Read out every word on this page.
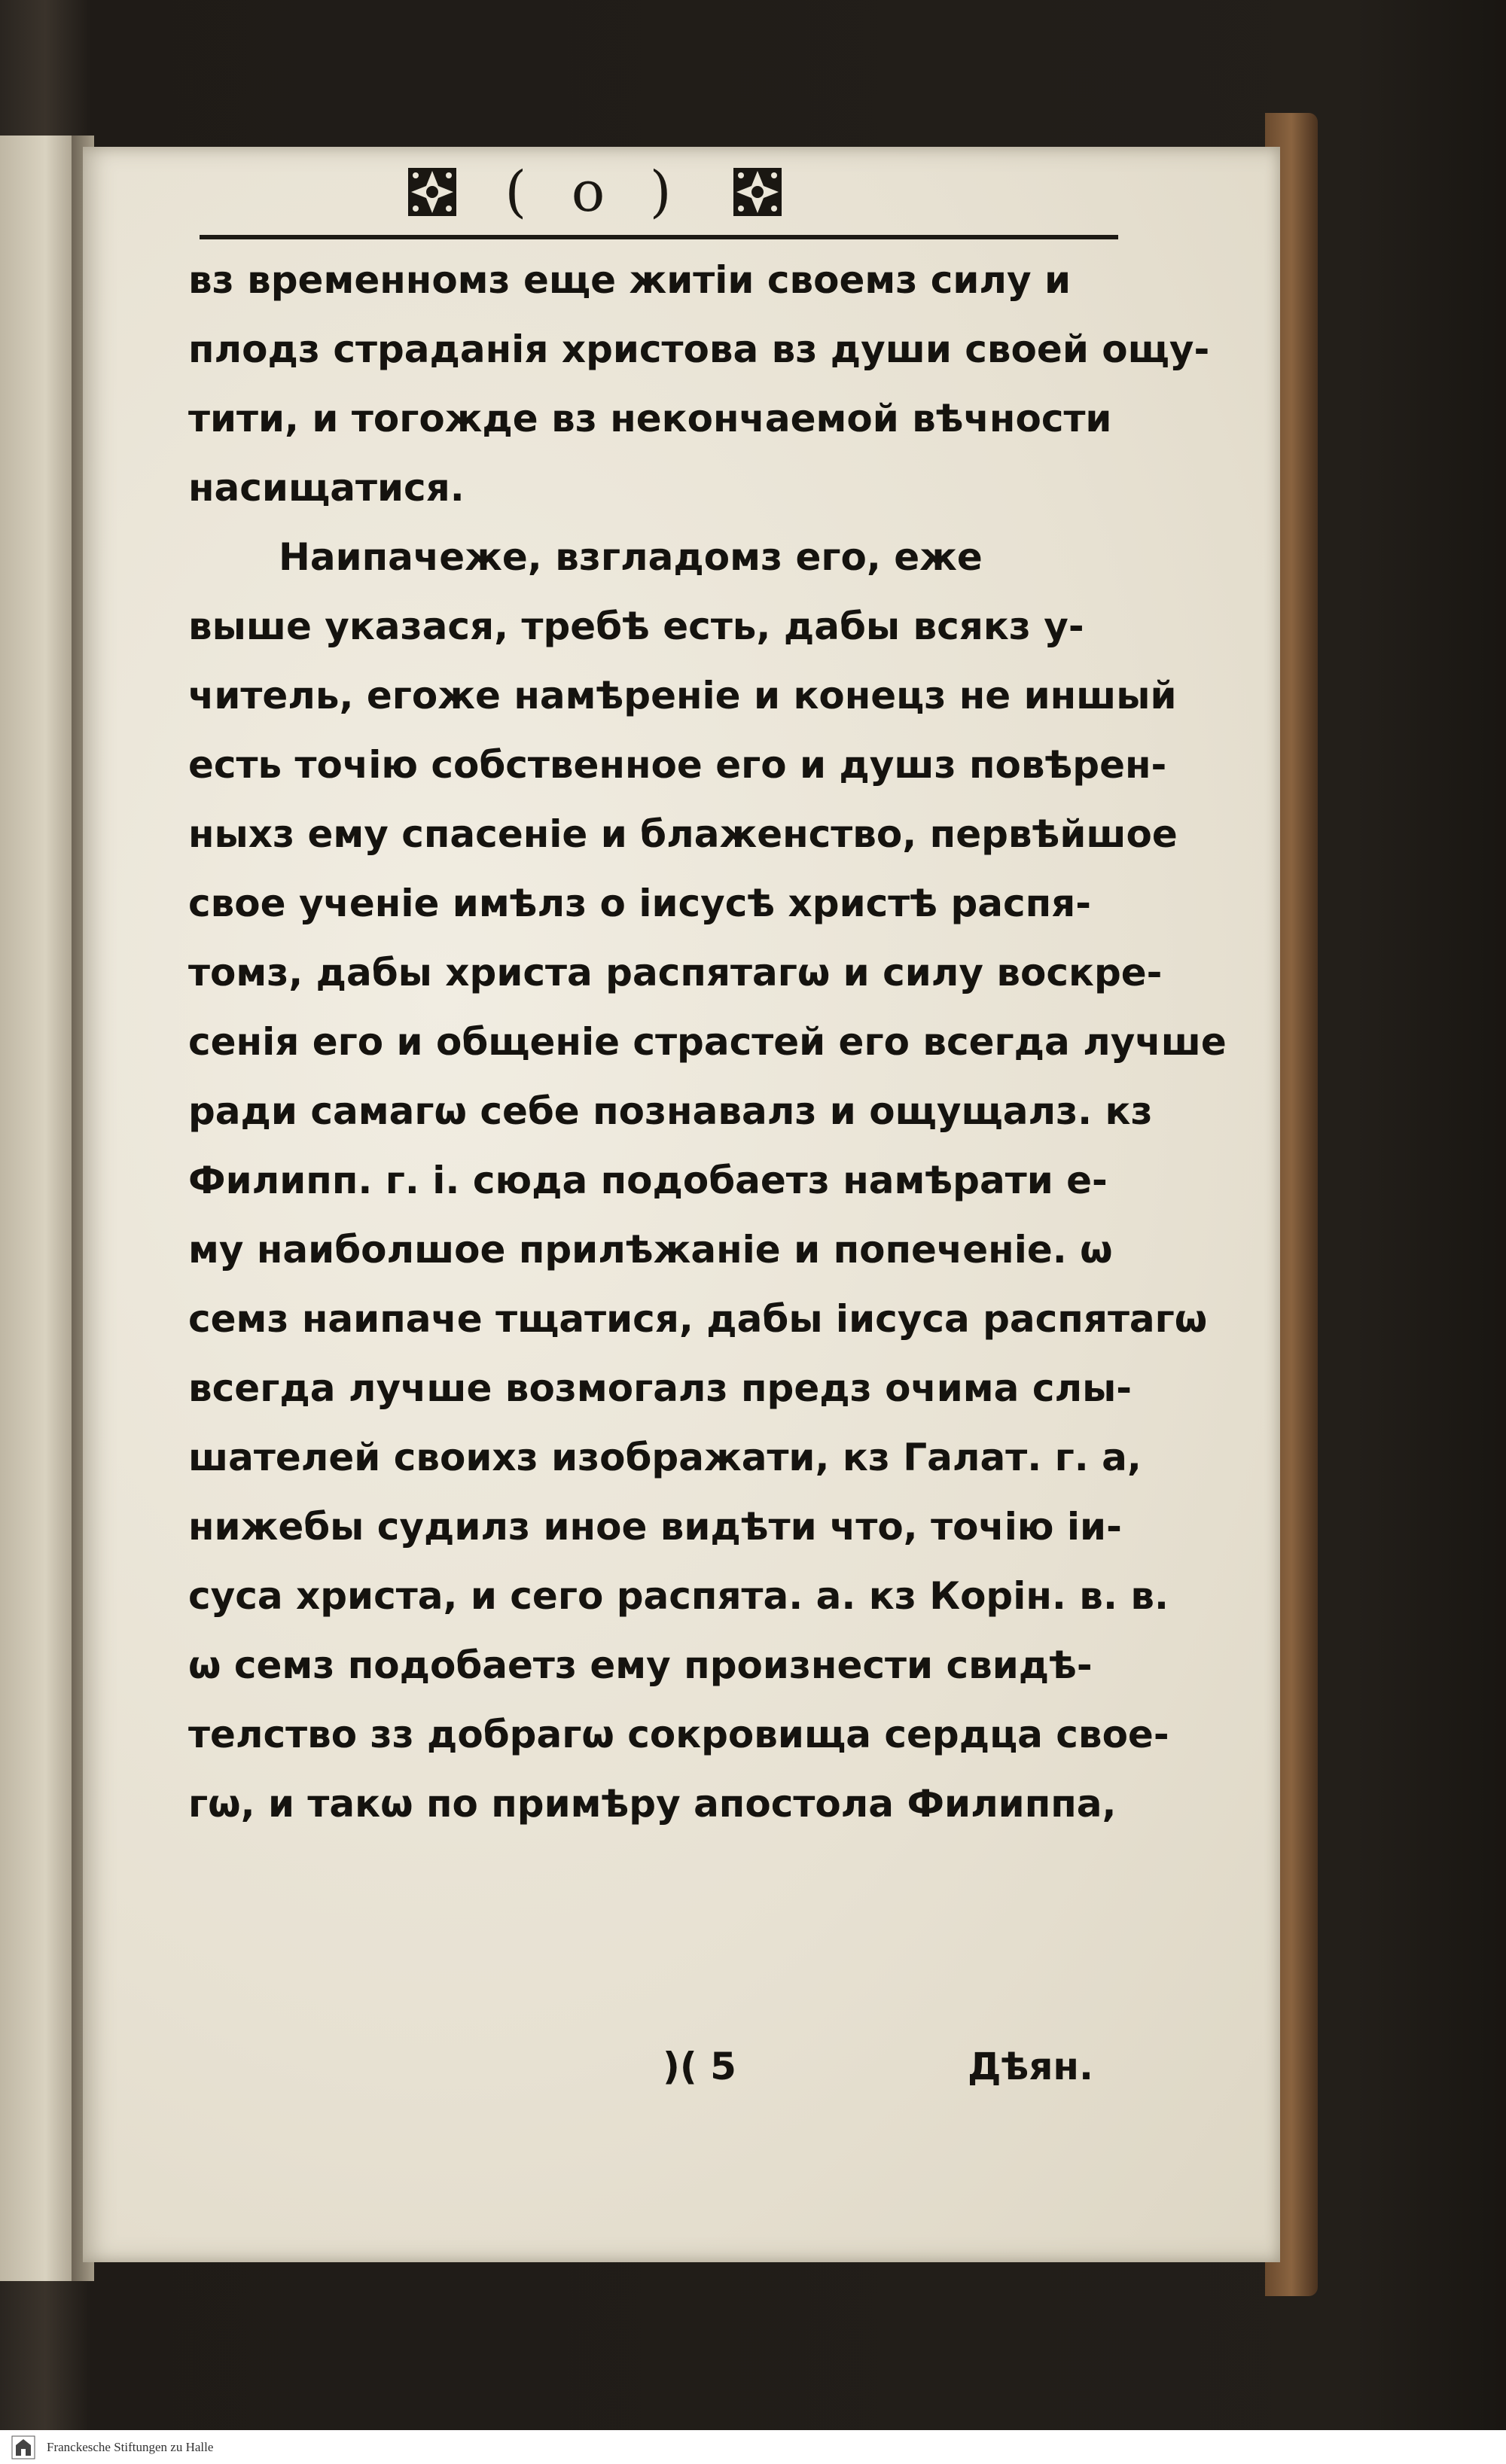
( o )
вз временномз еще житіи своемз силу и
плодз страданія христова вз души своей ощу-
тити, и тогожде вз некончаемой вѣчности
насищатися.
Наипачеже, взгладомз его, еже
выше указася, требѣ есть, дабы всякз у-
читель, егоже намѣреніе и конецз не иншый
есть точію собственное его и душз повѣрен-
ныхз ему спасеніе и блаженство, первѣйшое
свое ученіе имѣлз о іисусѣ христѣ распя-
томз, дабы христа распятагω и силу воскре-
сенія его и общеніе страстей его всегда лучше
ради самагω себе познавалз и ощущалз. кз
Филипп. г. і. сюда подобаетз намѣрати е-
му наиболшое прилѣжаніе и попеченіе. ω
семз наипаче тщатися, дабы іисуса распятагω
всегда лучше возмогалз предз очима слы-
шателей своихз изображати, кз Галат. г. а,
нижебы судилз иное видѣти что, точію іи-
суса христа, и сего распята. а. кз Корін. в. в.
ω семз подобаетз ему произнести свидѣ-
телство зз добрагω сокровища сердца свое-
гω, и такω по примѣру апостола Филиппа,
)( 5	Дѣян.
Franckesche Stiftungen zu Halle
